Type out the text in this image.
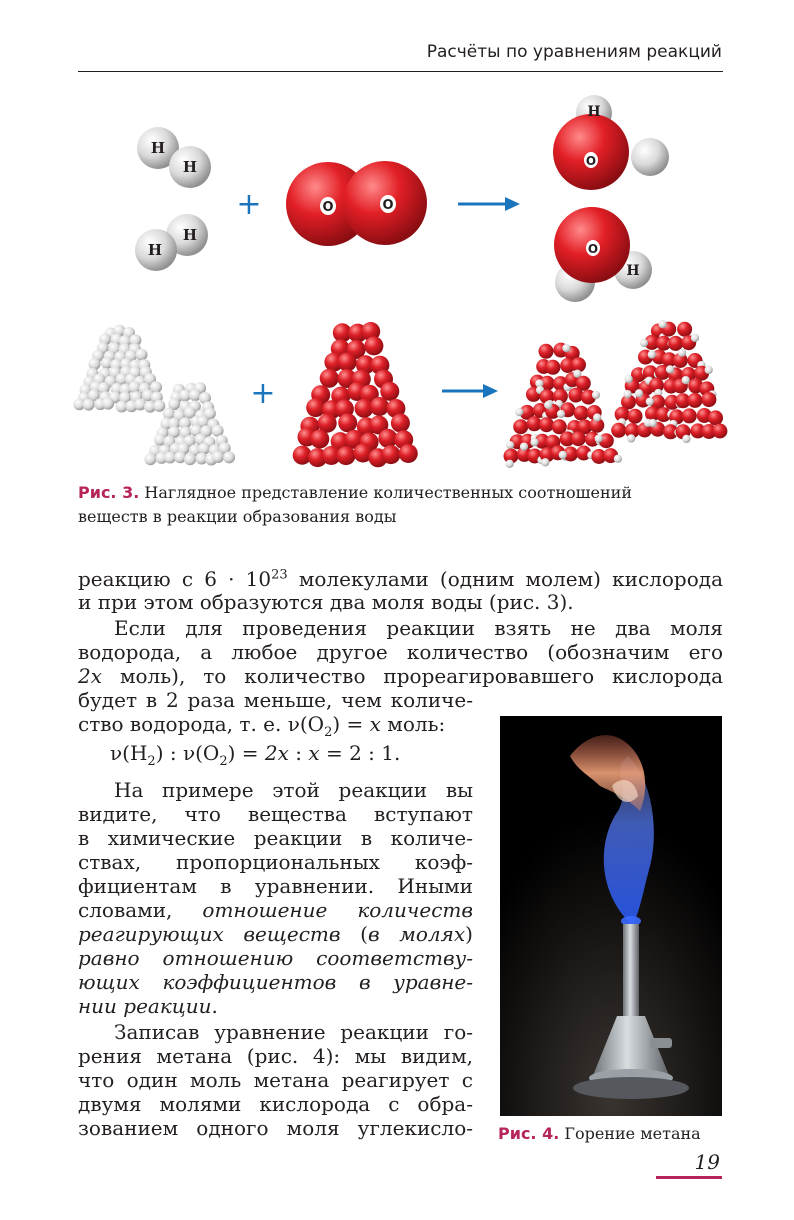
Расчёты по уравнениям реакций
H
H
H
H
+	O	O
H
O
O
H
+
Рис. 3. Наглядное представление количественных соотношений
веществ в реакции образования воды
реакцию с $6 \cdot 10^{23}$ молекулами (одним молем) кислорода
и при этом образуются два моля воды (рис. 3).
Если для проведения реакции взять не два моля
водорода, а любое другое количество (обозначим его
2x моль), то количество прореагировавшего кислорода
будет в 2 раза меньше, чем количе-
ство водорода, т. е. $\nu(O_2) = x$ моль:
$\nu(H_2)$ : $\nu(O_2) = 2x$ : x = 2 : 1.
На примере этой реакции вы
видите, что вещества вступают
в химические реакции в количе-
ствах, пропорциональных коэф-
фициентам в уравнении. Иными
словами, отношение количеств
реагирующих веществ (в молях)
равно отношению соответству-
ющих коэффициентов в уравне-
нии реакции.
Записав уравнение реакции го-
рения метана (рис. 4): мы видим,
что один моль метана реагирует с
двумя молями кислорода с обра-
зованием одного моля углекисло- Рис. 4. Горение метана
19
